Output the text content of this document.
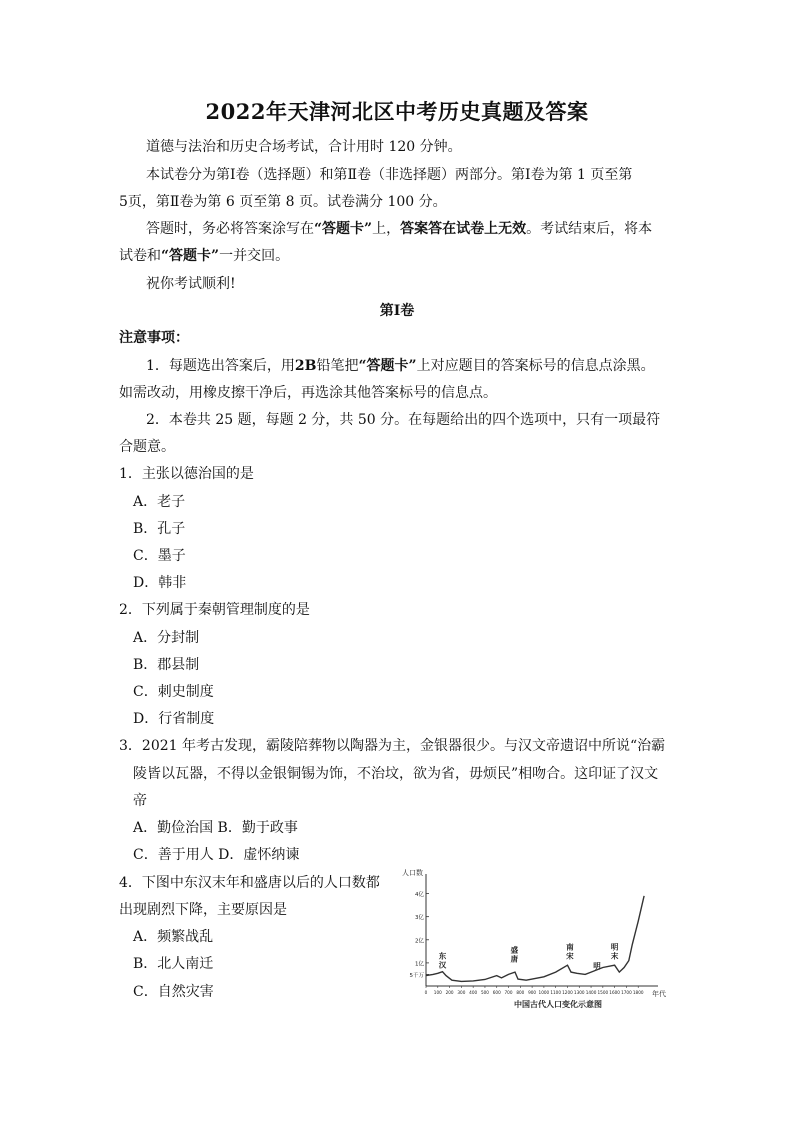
2022年天津河北区中考历史真题及答案
道德与法治和历史合场考试，合计用时 120 分钟。
本试卷分为第Ⅰ卷（选择题）和第Ⅱ卷（非选择题）两部分。第Ⅰ卷为第 1 页至第
5页，第Ⅱ卷为第 6 页至第 8 页。试卷满分 100 分。
答题时，务必将答案涂写在“答题卡”上，答案答在试卷上无效。考试结束后，将本
试卷和“答题卡”一并交回。
祝你考试顺利!
第Ⅰ卷
注意事项：
1．每题选出答案后，用2B铅笔把“答题卡”上对应题目的答案标号的信息点涂黑。
如需改动，用橡皮擦干净后，再选涂其他答案标号的信息点。
2．本卷共 25 题，每题 2 分，共 50 分。在每题给出的四个选项中，只有一项最符
合题意。
1．主张以德治国的是
A．老子
B．孔子
C．墨子
D．韩非
2．下列属于秦朝管理制度的是
A．分封制
B．郡县制
C．刺史制度
D．行省制度
3．2021 年考古发现，霸陵陪葬物以陶器为主，金银器很少。与汉文帝遗诏中所说“治霸
陵皆以瓦器，不得以金银铜锡为饰，不治坟，欲为省，毋烦民”相吻合。这印证了汉文
帝
A．勤俭治国 B．勤于政事
C．善于用人 D．虚怀纳谏
4．下图中东汉末年和盛唐以后的人口数都
出现剧烈下降，主要原因是
A．频繁战乱
B．北人南迁
C．自然灾害
人口数
年代
5千万
1亿
2亿
3亿
4亿
0 100 200 300 400 500 600 700 800 900 1000 1100 1200 1300 1400 1500 1600 1700 1800
东
汉
盛
唐
南
宋
明
明
末
中国古代人口变化示意图
